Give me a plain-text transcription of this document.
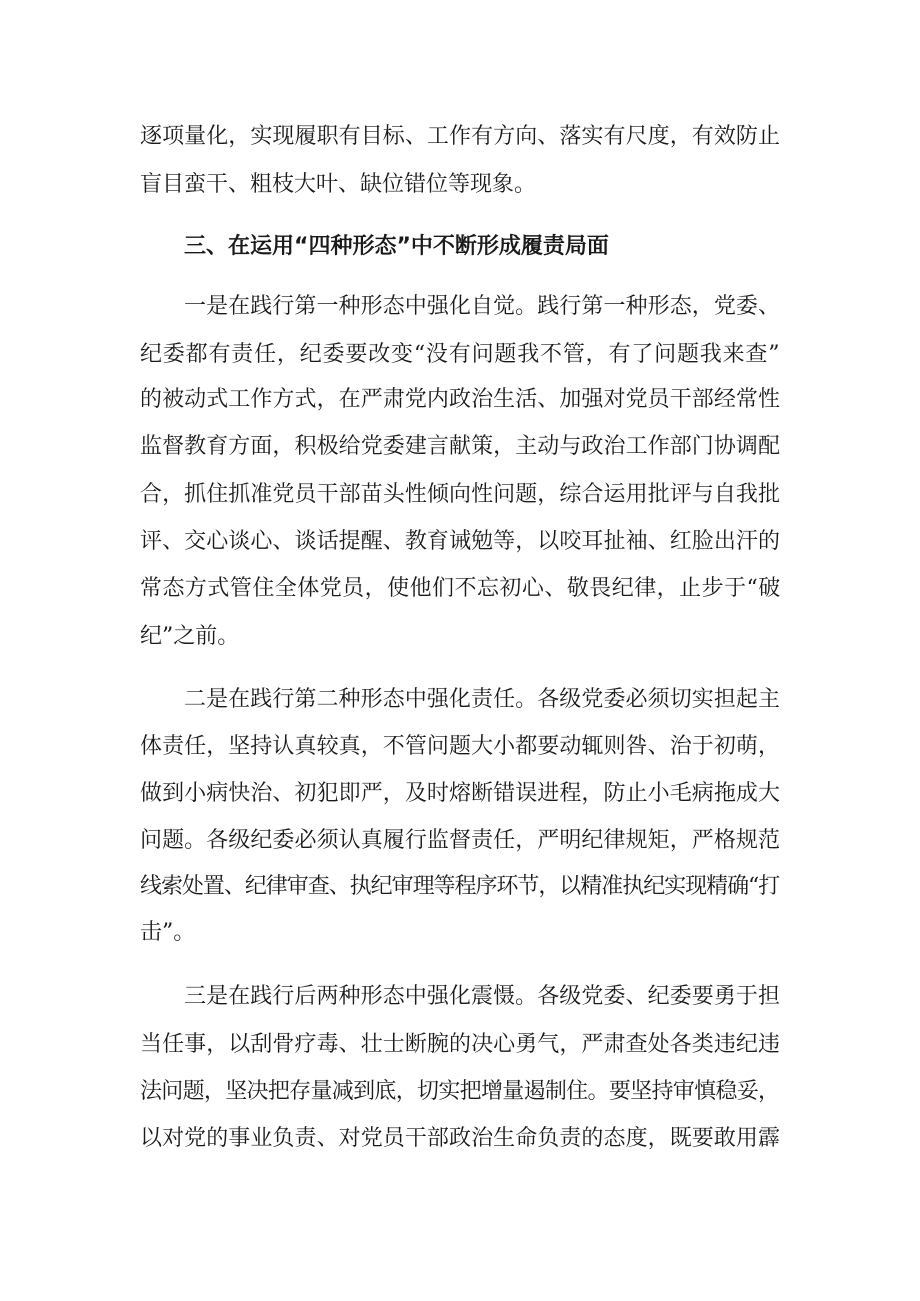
逐项量化，实现履职有目标、工作有方向、落实有尺度，有效防止

盲目蛮干、粗枝大叶、缺位错位等现象。

三、在运用“四种形态”中不断形成履责局面

一是在践行第一种形态中强化自觉。践行第一种形态，党委、

纪委都有责任，纪委要改变“没有问题我不管，有了问题我来查”

的被动式工作方式，在严肃党内政治生活、加强对党员干部经常性

监督教育方面，积极给党委建言献策，主动与政治工作部门协调配

合，抓住抓准党员干部苗头性倾向性问题，综合运用批评与自我批

评、交心谈心、谈话提醒、教育诫勉等，以咬耳扯袖、红脸出汗的

常态方式管住全体党员，使他们不忘初心、敬畏纪律，止步于“破

纪”之前。

二是在践行第二种形态中强化责任。各级党委必须切实担起主

体责任，坚持认真较真，不管问题大小都要动辄则咎、治于初萌，

做到小病快治、初犯即严，及时熔断错误进程，防止小毛病拖成大

问题。各级纪委必须认真履行监督责任，严明纪律规矩，严格规范

线索处置、纪律审查、执纪审理等程序环节，以精准执纪实现精确“打

击”。

三是在践行后两种形态中强化震慑。各级党委、纪委要勇于担

当任事，以刮骨疗毒、壮士断腕的决心勇气，严肃查处各类违纪违

法问题，坚决把存量减到底，切实把增量遏制住。要坚持审慎稳妥，

以对党的事业负责、对党员干部政治生命负责的态度，既要敢用霹
